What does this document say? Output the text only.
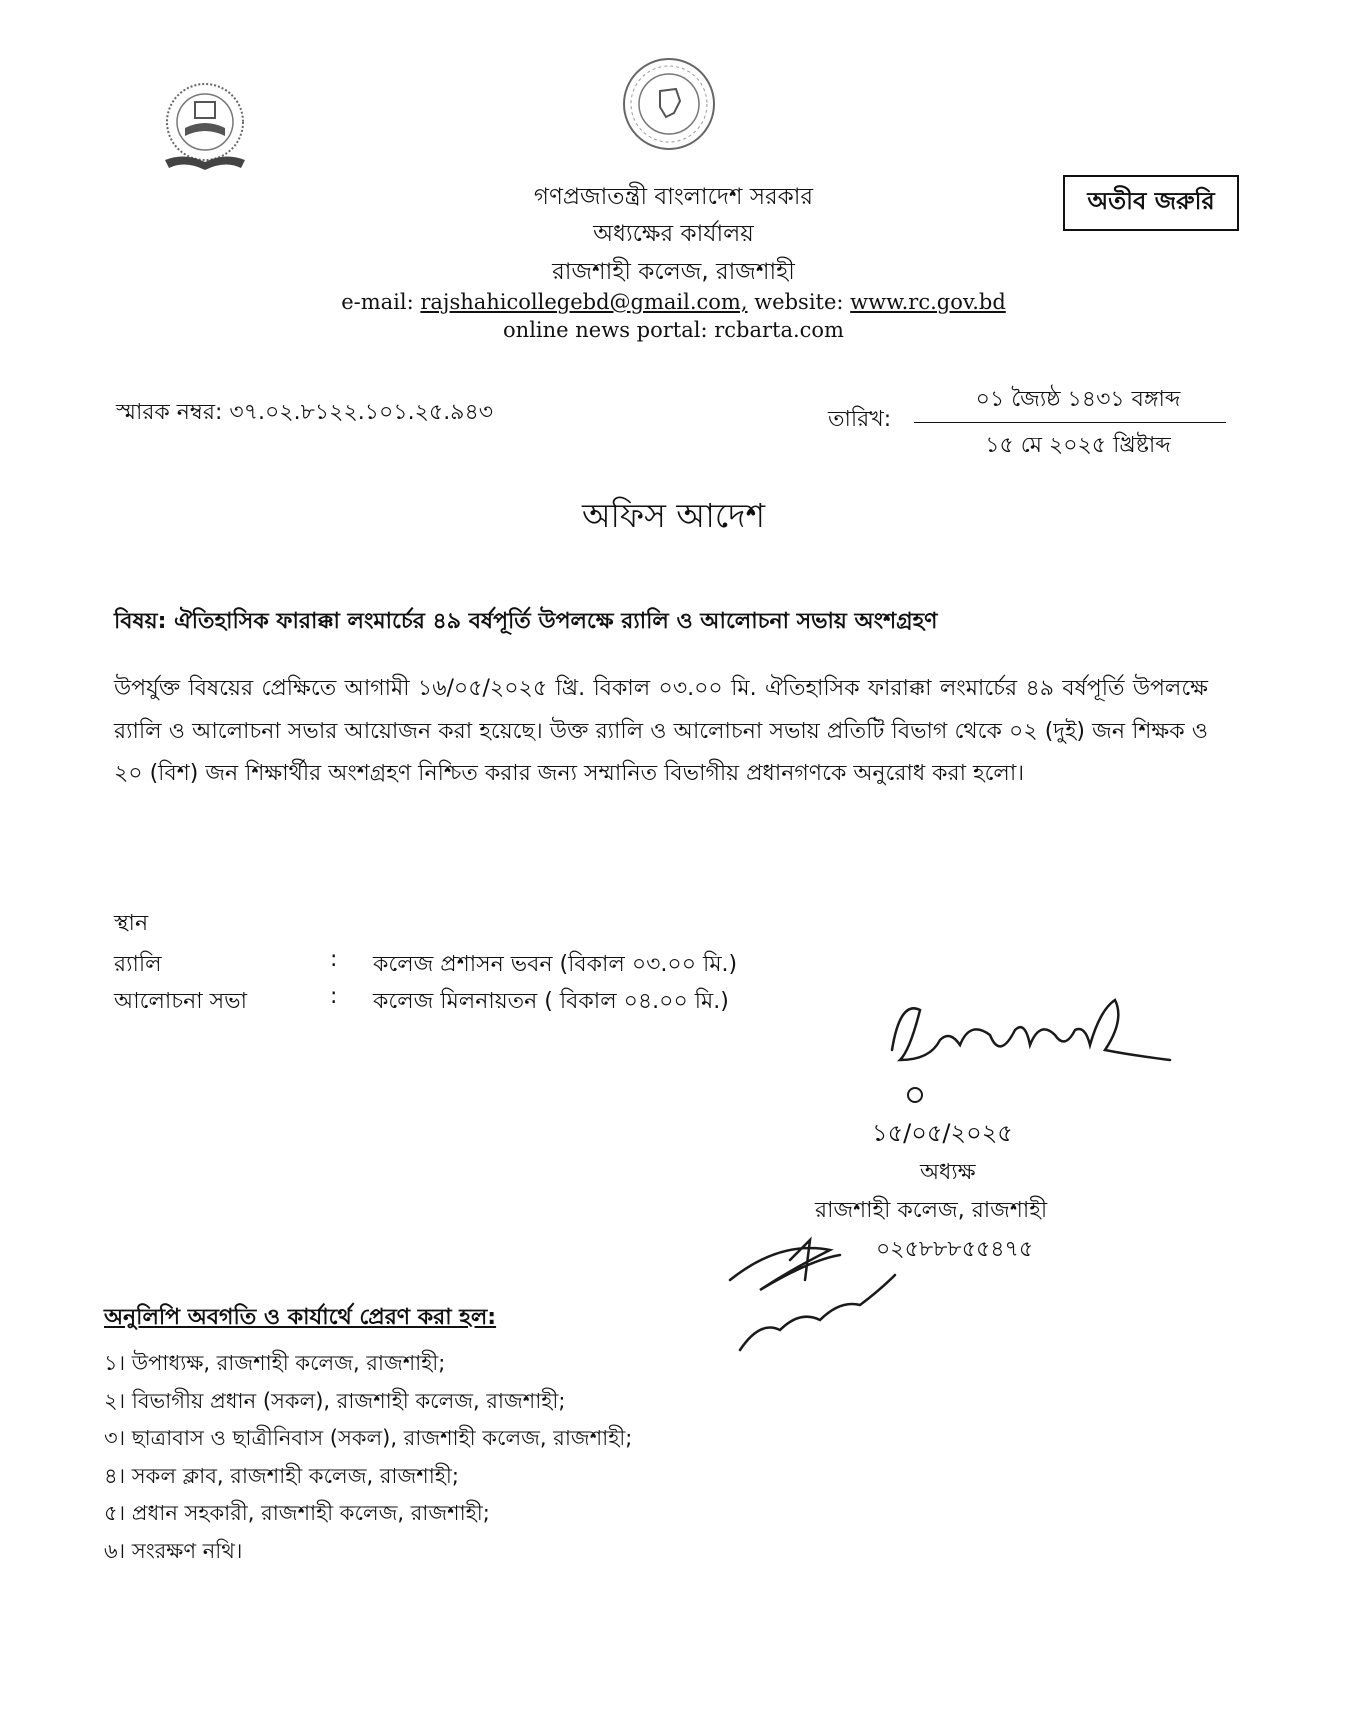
অতীব জরুরি
গণপ্রজাতন্ত্রী বাংলাদেশ সরকার
অধ্যক্ষের কার্যালয়
রাজশাহী কলেজ, রাজশাহী
e-mail: rajshahicollegebd@gmail.com, website: www.rc.gov.bd
online news portal: rcbarta.com
স্মারক নম্বর: ৩৭.০২.৮১২২.১০১.২৫.৯৪৩	তারিখ:
০১ জ্যৈষ্ঠ ১৪৩১ বঙ্গাব্দ
১৫ মে ২০২৫ খ্রিষ্টাব্দ
অফিস আদেশ
বিষয়: ঐতিহাসিক ফারাক্কা লংমার্চের ৪৯ বর্ষপূর্তি উপলক্ষে র‍্যালি ও আলোচনা সভায় অংশগ্রহণ
উপর্যুক্ত বিষয়ের প্রেক্ষিতে আগামী ১৬/০৫/২০২৫ খ্রি. বিকাল ০৩.০০ মি. ঐতিহাসিক ফারাক্কা লংমার্চের ৪৯ বর্ষপূর্তি উপলক্ষে র‍্যালি ও আলোচনা সভার আয়োজন করা হয়েছে। উক্ত র‍্যালি ও আলোচনা সভায় প্রতিটি বিভাগ থেকে ০২ (দুই) জন শিক্ষক ও ২০ (বিশ) জন শিক্ষার্থীর অংশগ্রহণ নিশ্চিত করার জন্য সম্মানিত বিভাগীয় প্রধানগণকে অনুরোধ করা হলো।
স্থান
র‍্যালি	: কলেজ প্রশাসন ভবন (বিকাল ০৩.০০ মি.)
আলোচনা সভা	: কলেজ মিলনায়তন ( বিকাল ০৪.০০ মি.)
১৫/০৫/২০২৫
অধ্যক্ষ
রাজশাহী কলেজ, রাজশাহী
০২৫৮৮৮৫৫৪৭৫
অনুলিপি অবগতি ও কার্যার্থে প্রেরণ করা হল:
১। উপাধ্যক্ষ, রাজশাহী কলেজ, রাজশাহী;
২। বিভাগীয় প্রধান (সকল), রাজশাহী কলেজ, রাজশাহী;
৩। ছাত্রাবাস ও ছাত্রীনিবাস (সকল), রাজশাহী কলেজ, রাজশাহী;
৪। সকল ক্লাব, রাজশাহী কলেজ, রাজশাহী;
৫। প্রধান সহকারী, রাজশাহী কলেজ, রাজশাহী;
৬। সংরক্ষণ নথি।
